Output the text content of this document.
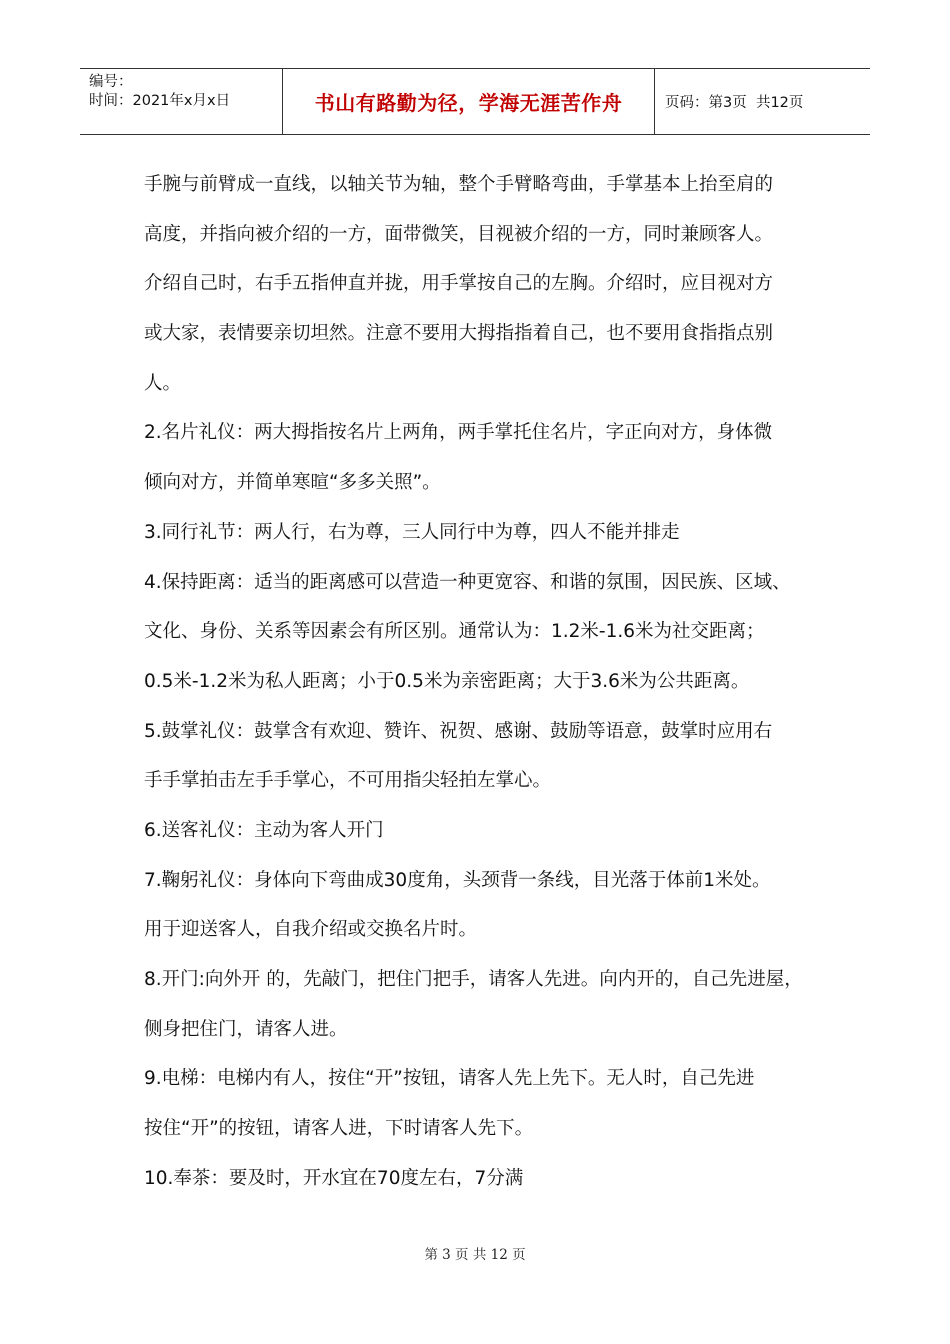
编号：
时间：2021年x月x日	书山有路勤为径，学海无涯苦作舟	页码：第3页  共12页
手腕与前臂成一直线，以轴关节为轴，整个手臂略弯曲，手掌基本上抬至肩的
高度，并指向被介绍的一方，面带微笑，目视被介绍的一方，同时兼顾客人。
介绍自己时，右手五指伸直并拢，用手掌按自己的左胸。介绍时，应目视对方
或大家，表情要亲切坦然。注意不要用大拇指指着自己，也不要用食指指点别
人。
2.名片礼仪：两大拇指按名片上两角，两手掌托住名片，字正向对方，身体微
倾向对方，并简单寒暄“多多关照”。
3.同行礼节：两人行，右为尊，三人同行中为尊，四人不能并排走
4.保持距离：适当的距离感可以营造一种更宽容、和谐的氛围，因民族、区域、
文化、身份、关系等因素会有所区别。通常认为：1.2米-1.6米为社交距离；
0.5米-1.2米为私人距离；小于0.5米为亲密距离；大于3.6米为公共距离。
5.鼓掌礼仪：鼓掌含有欢迎、赞许、祝贺、感谢、鼓励等语意，鼓掌时应用右
手手掌拍击左手手掌心，不可用指尖轻拍左掌心。
6.送客礼仪：主动为客人开门
7.鞠躬礼仪：身体向下弯曲成30度角，头颈背一条线，目光落于体前1米处。
用于迎送客人，自我介绍或交换名片时。
8.开门:向外开 的，先敲门，把住门把手，请客人先进。向内开的，自己先进屋，
侧身把住门，请客人进。
9.电梯：电梯内有人，按住“开”按钮，请客人先上先下。无人时，自己先进
按住“开”的按钮，请客人进，下时请客人先下。
10.奉茶：要及时，开水宜在70度左右，7分满
第 3 页 共 12 页
